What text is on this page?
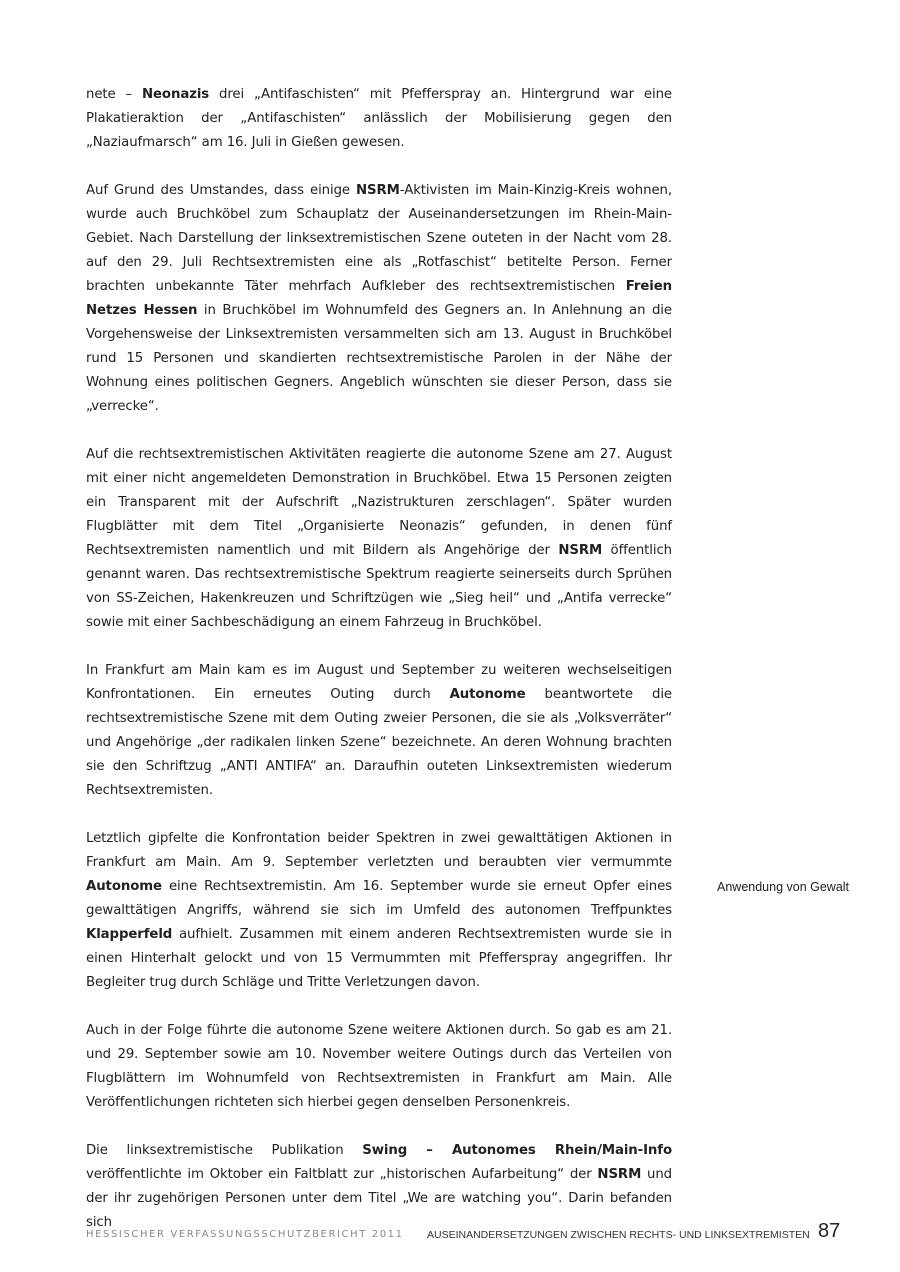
nete – Neonazis drei „Antifaschisten“ mit Pfefferspray an. Hintergrund war eine Plakatieraktion der „Antifaschisten“ anlässlich der Mobilisierung gegen den „Naziaufmarsch“ am 16. Juli in Gießen gewesen.

Auf Grund des Umstandes, dass einige NSRM-Aktivisten im Main-Kinzig-Kreis wohnen, wurde auch Bruchköbel zum Schauplatz der Auseinandersetzungen im Rhein-Main-Gebiet. Nach Darstellung der linksextremistischen Szene outeten in der Nacht vom 28. auf den 29. Juli Rechtsextremisten eine als „Rotfaschist“ betitelte Person. Ferner brachten unbekannte Täter mehrfach Aufkleber des rechtsextremistischen Freien Netzes Hessen in Bruchköbel im Wohnumfeld des Gegners an. In Anlehnung an die Vorgehensweise der Linksextremisten versammelten sich am 13. August in Bruchköbel rund 15 Personen und skandierten rechtsextremistische Parolen in der Nähe der Wohnung eines politischen Gegners. Angeblich wünschten sie dieser Person, dass sie „verrecke“.

Auf die rechtsextremistischen Aktivitäten reagierte die autonome Szene am 27. August mit einer nicht angemeldeten Demonstration in Bruchköbel. Etwa 15 Personen zeigten ein Transparent mit der Aufschrift „Nazistrukturen zerschlagen“. Später wurden Flugblätter mit dem Titel „Organisierte Neonazis“ gefunden, in denen fünf Rechtsextremisten namentlich und mit Bildern als Angehörige der NSRM öffentlich genannt waren. Das rechtsextremistische Spektrum reagierte seinerseits durch Sprühen von SS-Zeichen, Hakenkreuzen und Schriftzügen wie „Sieg heil“ und „Antifa verrecke“ sowie mit einer Sachbeschädigung an einem Fahrzeug in Bruchköbel.

In Frankfurt am Main kam es im August und September zu weiteren wechselseitigen Konfrontationen. Ein erneutes Outing durch Autonome beantwortete die rechtsextremistische Szene mit dem Outing zweier Personen, die sie als „Volksverräter“ und Angehörige „der radikalen linken Szene“ bezeichnete. An deren Wohnung brachten sie den Schriftzug „ANTI ANTIFA“ an. Daraufhin outeten Linksextremisten wiederum Rechtsextremisten.

Letztlich gipfelte die Konfrontation beider Spektren in zwei gewalttätigen Aktionen in Frankfurt am Main. Am 9. September verletzten und beraubten vier vermummte Autonome eine Rechtsextremistin. Am 16. September wurde sie erneut Opfer eines gewalttätigen Angriffs, während sie sich im Umfeld des autonomen Treffpunktes Klapperfeld aufhielt. Zusammen mit einem anderen Rechtsextremisten wurde sie in einen Hinterhalt gelockt und von 15 Vermummten mit Pfefferspray angegriffen. Ihr Begleiter trug durch Schläge und Tritte Verletzungen davon.

Auch in der Folge führte die autonome Szene weitere Aktionen durch. So gab es am 21. und 29. September sowie am 10. November weitere Outings durch das Verteilen von Flugblättern im Wohnumfeld von Rechtsextremisten in Frankfurt am Main. Alle Veröffentlichungen richteten sich hierbei gegen denselben Personenkreis.

Die linksextremistische Publikation Swing – Autonomes Rhein/Main-Info veröffentlichte im Oktober ein Faltblatt zur „historischen Aufarbeitung“ der NSRM und der ihr zugehörigen Personen unter dem Titel „We are watching you“. Darin befanden sich

Anwendung von Gewalt
HESSISCHER VERFASSUNGSSCHUTZBERICHT 2011 AUSEINANDERSETZUNGEN ZWISCHEN RECHTS- UND LINKSEXTREMISTEN 87
